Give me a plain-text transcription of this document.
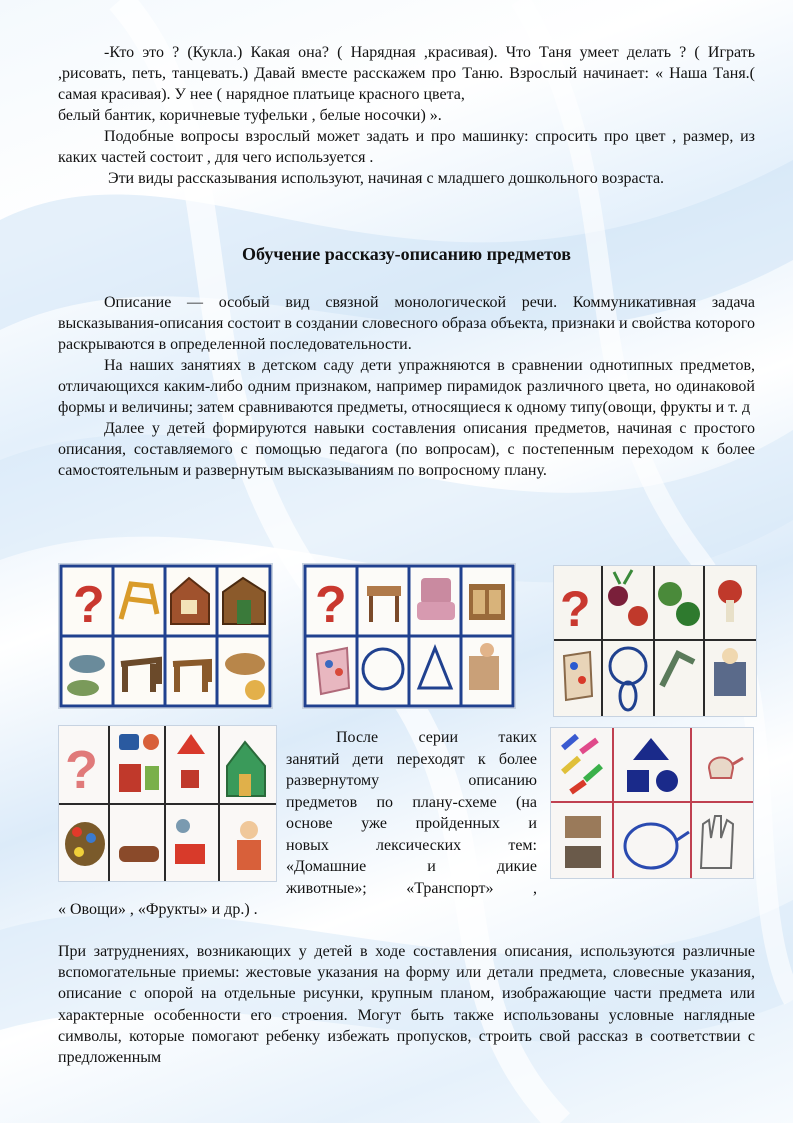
-Кто это ? (Кукла.) Какая она? ( Нарядная ,красивая). Что Таня умеет делать ? ( Играть ,рисовать, петь, танцевать.) Давай вместе расскажем про Таню. Взрослый начинает: « Наша Таня.( самая красивая). У нее ( нарядное платьице красного цвета,

белый бантик, коричневые туфельки , белые носочки) ».

Подобные вопросы взрослый может задать и про машинку: спросить про цвет , размер, из каких частей состоит , для чего используется .

Эти виды рассказывания используют, начиная с младшего дошкольного возраста.

Обучение рассказу-описанию предметов

Описание — особый вид связной монологической речи. Коммуникативная задача высказывания-описания состоит в создании словесного образа объекта, признаки и свойства которого раскрываются в определенной последовательности.

На наших занятиях в детском саду дети упражняются в сравнении однотипных предметов, отличающихся каким-либо одним признаком, например пирамидок различного цвета, но одинаковой формы и величины; затем сравниваются предметы, относящиеся к одному типу(овощи, фрукты и т. д

Далее у детей формируются навыки составления описания предметов, начиная с простого описания, составляемого с помощью педагога (по вопросам), с постепенным переходом к более самостоятельным и развернутым высказываниям по вопросному плану.

?	?	?
?
После серии таких
занятий дети переходят к более
развернутому описанию
предметов по плану-схеме (на
основе уже пройденных и
новых лексических тем:
«Домашние и дикие
животные»; «Транспорт» ,
« Овощи» , «Фрукты» и др.) .

При затруднениях, возникающих у детей в ходе составления описания, используются различные вспомогательные приемы: жестовые указания на форму или детали предмета, словесные указания, описание с опорой на отдельные рисунки, крупным планом, изображающие части предмета или характерные особенности его строения. Могут быть также использованы условные наглядные символы, которые помогают ребенку избежать пропусков, строить свой рассказ в соответствии с предложенным
